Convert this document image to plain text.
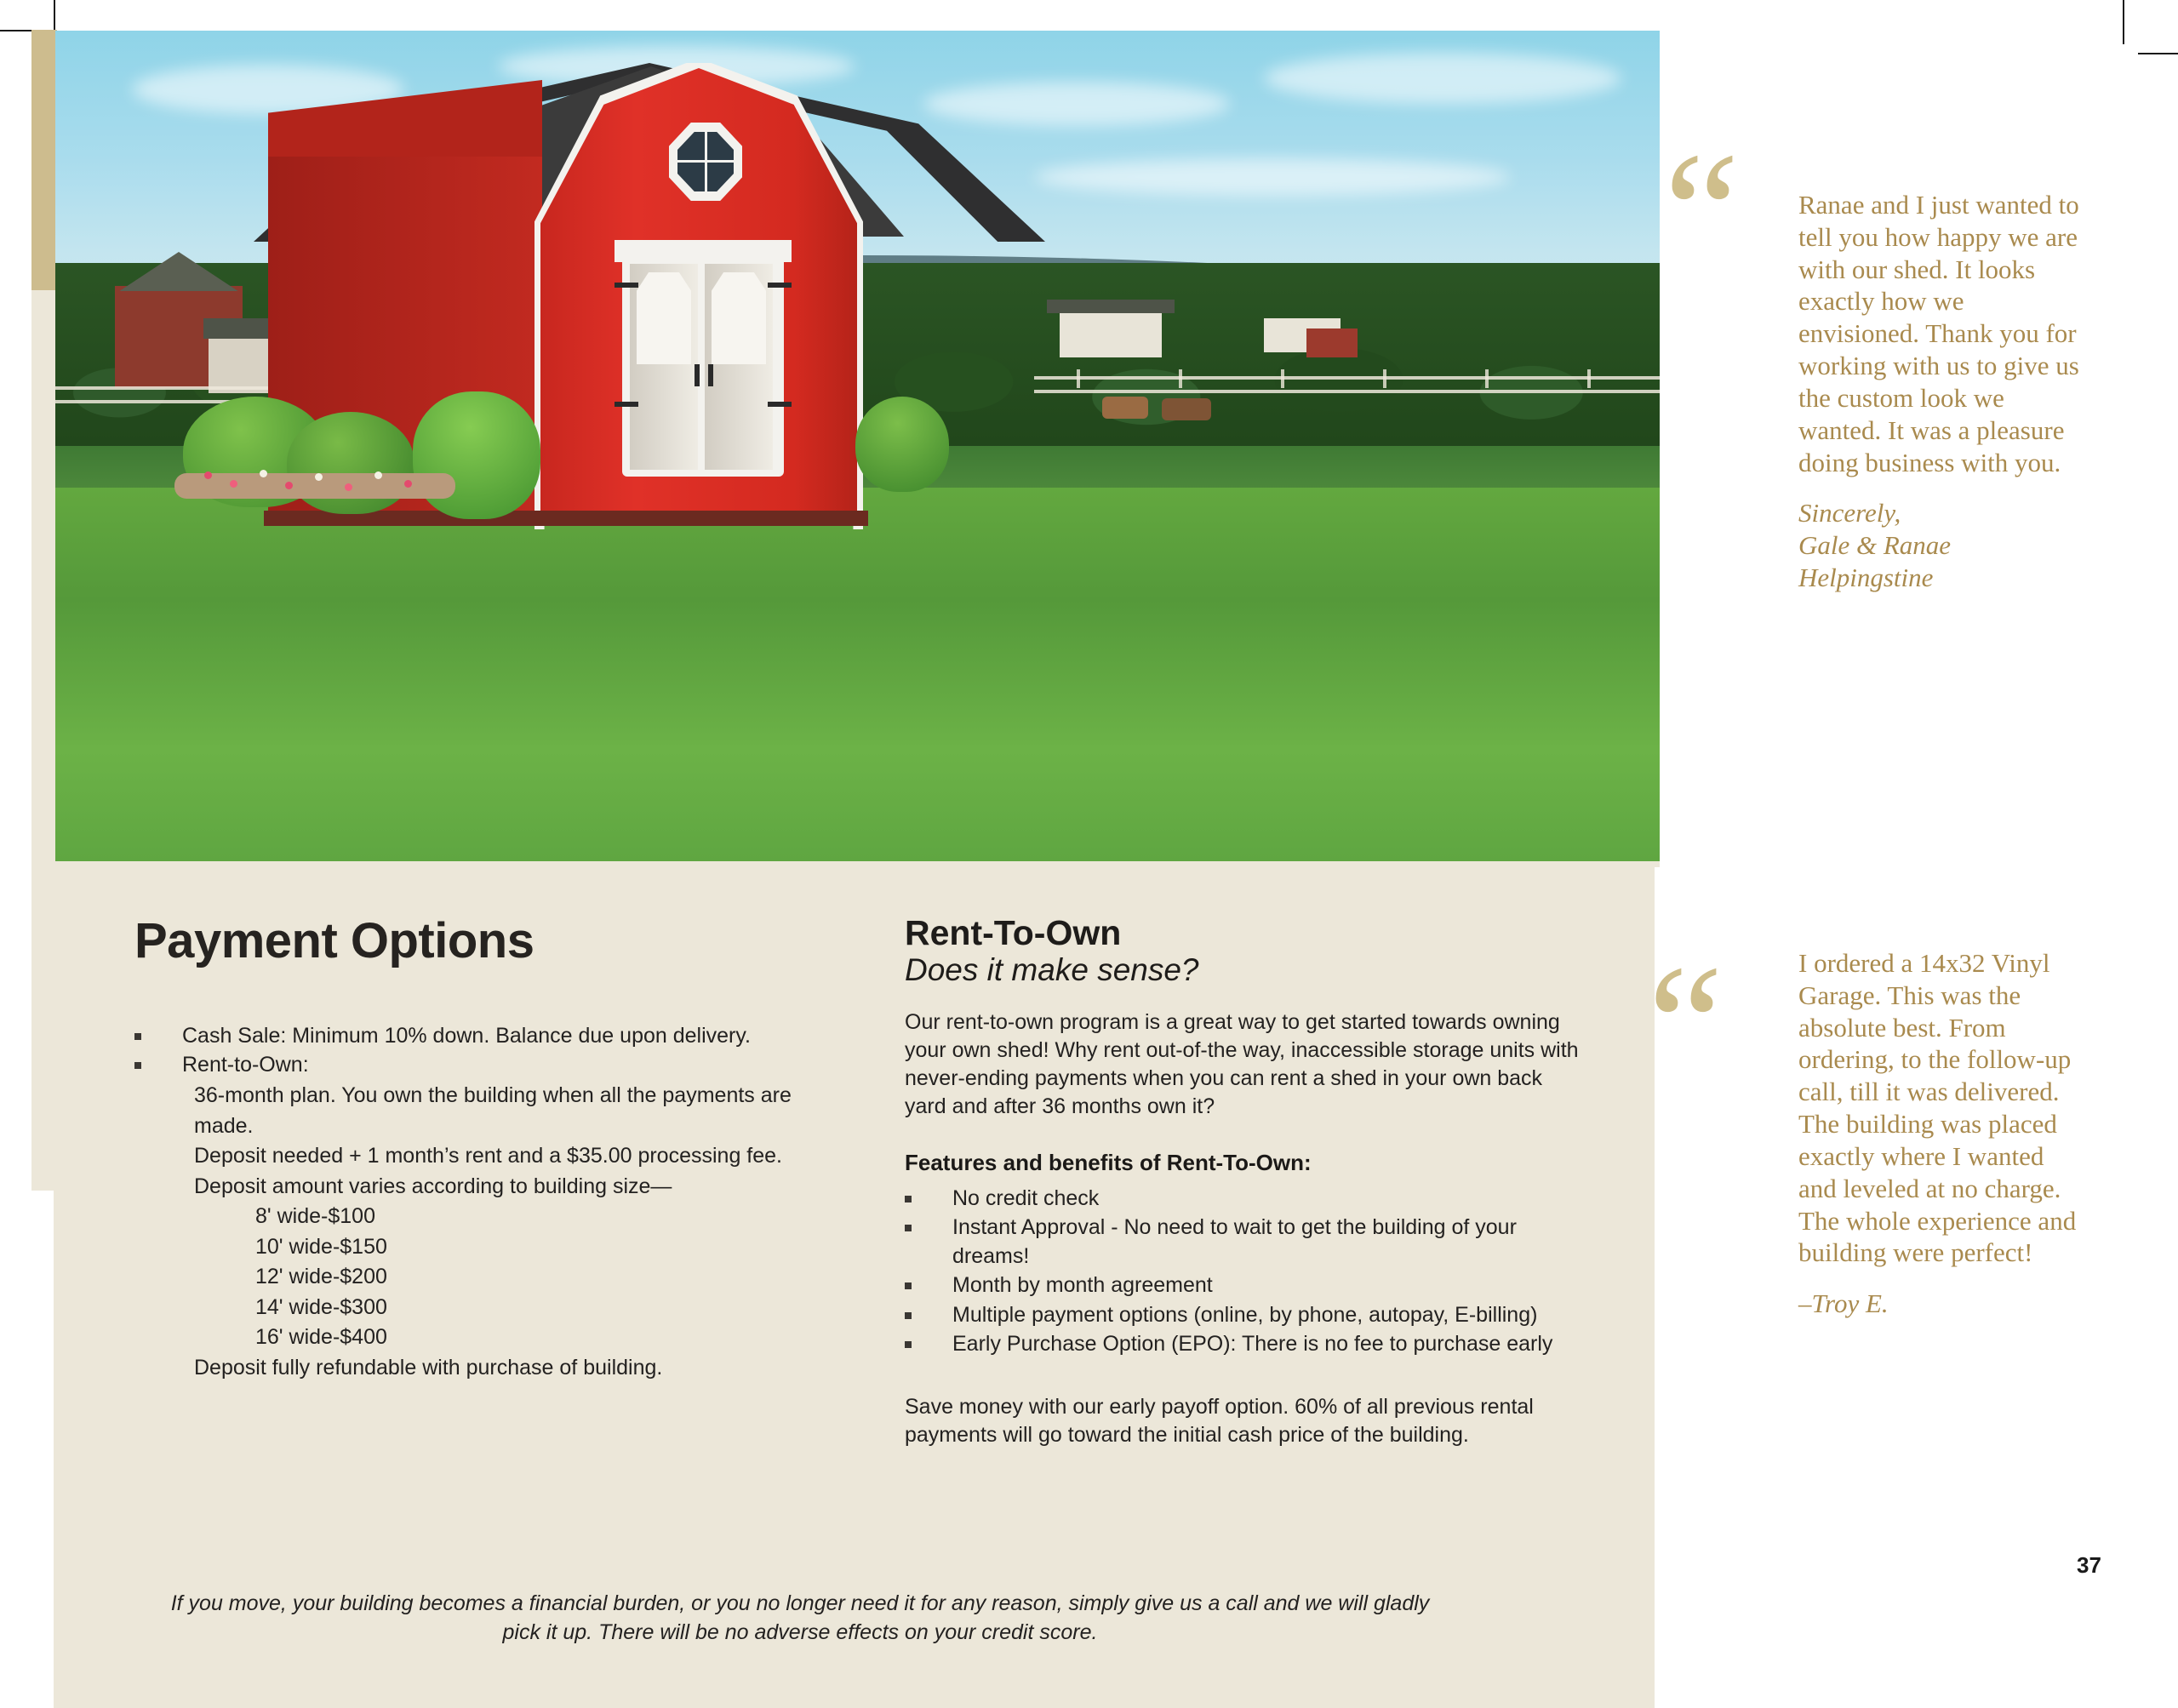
Payment Options
Cash Sale: Minimum 10% down. Balance due upon delivery.
Rent-to-Own:
36-month plan. You own the building when all the payments are made.
Deposit needed + 1 month’s rent and a $35.00 processing fee.
Deposit amount varies according to building size—
8' wide-$100
10' wide-$150
12' wide-$200
14' wide-$300
16' wide-$400
Deposit fully refundable with purchase of building.
Rent-To-Own
Does it make sense?

Our rent-to-own program is a great way to get started towards owning your own shed! Why rent out-of-the way, inaccessible storage units with never-ending payments when you can rent a shed in your own back yard and after 36 months own it?

Features and benefits of Rent-To-Own:
No credit check
Instant Approval - No need to wait to get the building of your dreams!
Month by month agreement
Multiple payment options (online, by phone, autopay, E-billing)
Early Purchase Option (EPO): There is no fee to purchase early

Save money with our early payoff option. 60% of all previous rental payments will go toward the initial cash price of the building.

If you move, your building becomes a financial burden, or you no longer need it for any reason, simply give us a call and we will gladly pick it up. There will be no adverse effects on your credit score.
“ Ranae and I just wanted to tell you how happy we are with our shed. It looks exactly how we envisioned. Thank you for working with us to give us the custom look we wanted. It was a pleasure doing business with you.

Sincerely,
Gale & Ranae Helpingstine
“	I ordered a 14x32 Vinyl Garage. This was the absolute best. From ordering, to the follow-up call, till it was delivered. The building was placed exactly where I wanted and leveled at no charge. The whole experience and building were perfect!

–Troy E.
37
